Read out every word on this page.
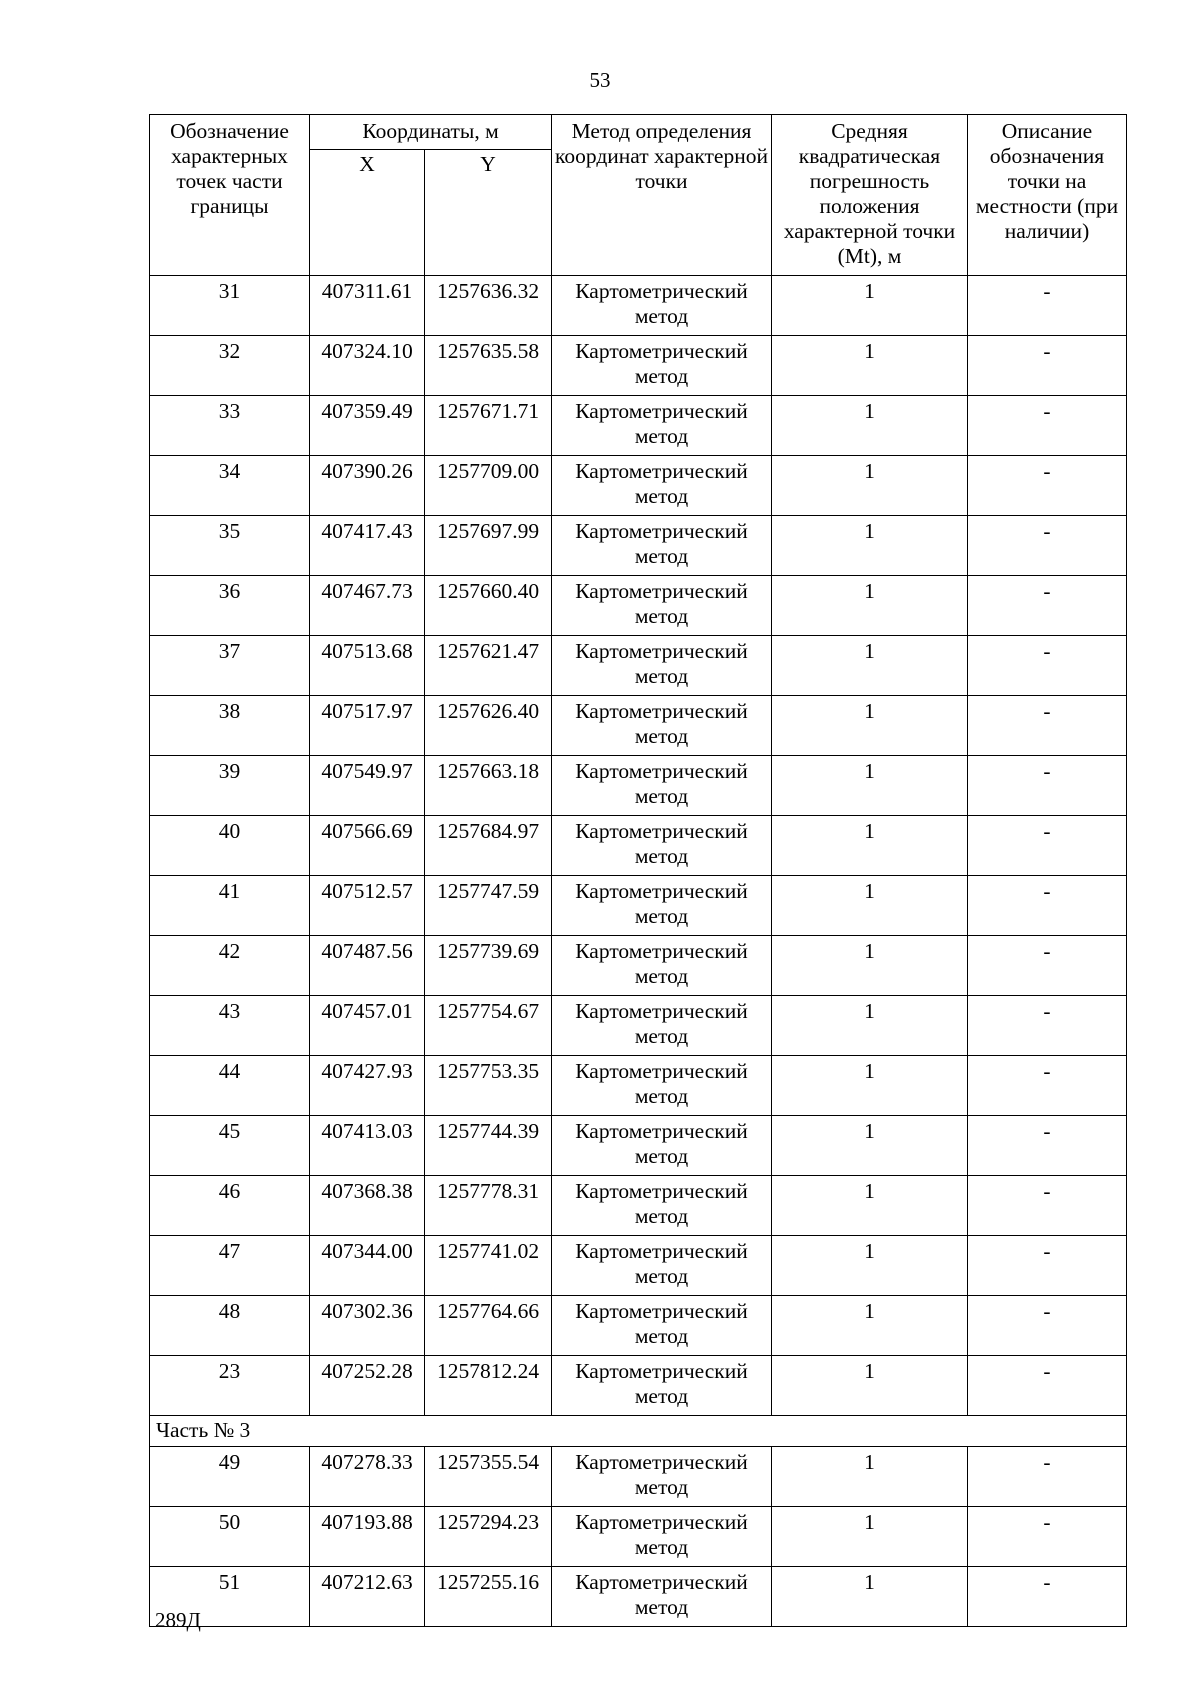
53
Обозначение характерных точек части границы	Координаты, м		Метод определения координат характерной точки	Средняя квадратическая погрешность положения характерной точки (Mt), м	Описание обозначения точки на местности (при наличии)
	X	Y			
31	407311.61	1257636.32	Картометрический метод	1	-
32	407324.10	1257635.58	Картометрический метод	1	-
33	407359.49	1257671.71	Картометрический метод	1	-
34	407390.26	1257709.00	Картометрический метод	1	-
35	407417.43	1257697.99	Картометрический метод	1	-
36	407467.73	1257660.40	Картометрический метод	1	-
37	407513.68	1257621.47	Картометрический метод	1	-
38	407517.97	1257626.40	Картометрический метод	1	-
39	407549.97	1257663.18	Картометрический метод	1	-
40	407566.69	1257684.97	Картометрический метод	1	-
41	407512.57	1257747.59	Картометрический метод	1	-
42	407487.56	1257739.69	Картометрический метод	1	-
43	407457.01	1257754.67	Картометрический метод	1	-
44	407427.93	1257753.35	Картометрический метод	1	-
45	407413.03	1257744.39	Картометрический метод	1	-
46	407368.38	1257778.31	Картометрический метод	1	-
47	407344.00	1257741.02	Картометрический метод	1	-
48	407302.36	1257764.66	Картометрический метод	1	-
23	407252.28	1257812.24	Картометрический метод	1	-
Часть № 3					
49	407278.33	1257355.54	Картометрический метод	1	-
50	407193.88	1257294.23	Картометрический метод	1	-
51	407212.63	1257255.16	Картометрический метод	1	-
289Д
